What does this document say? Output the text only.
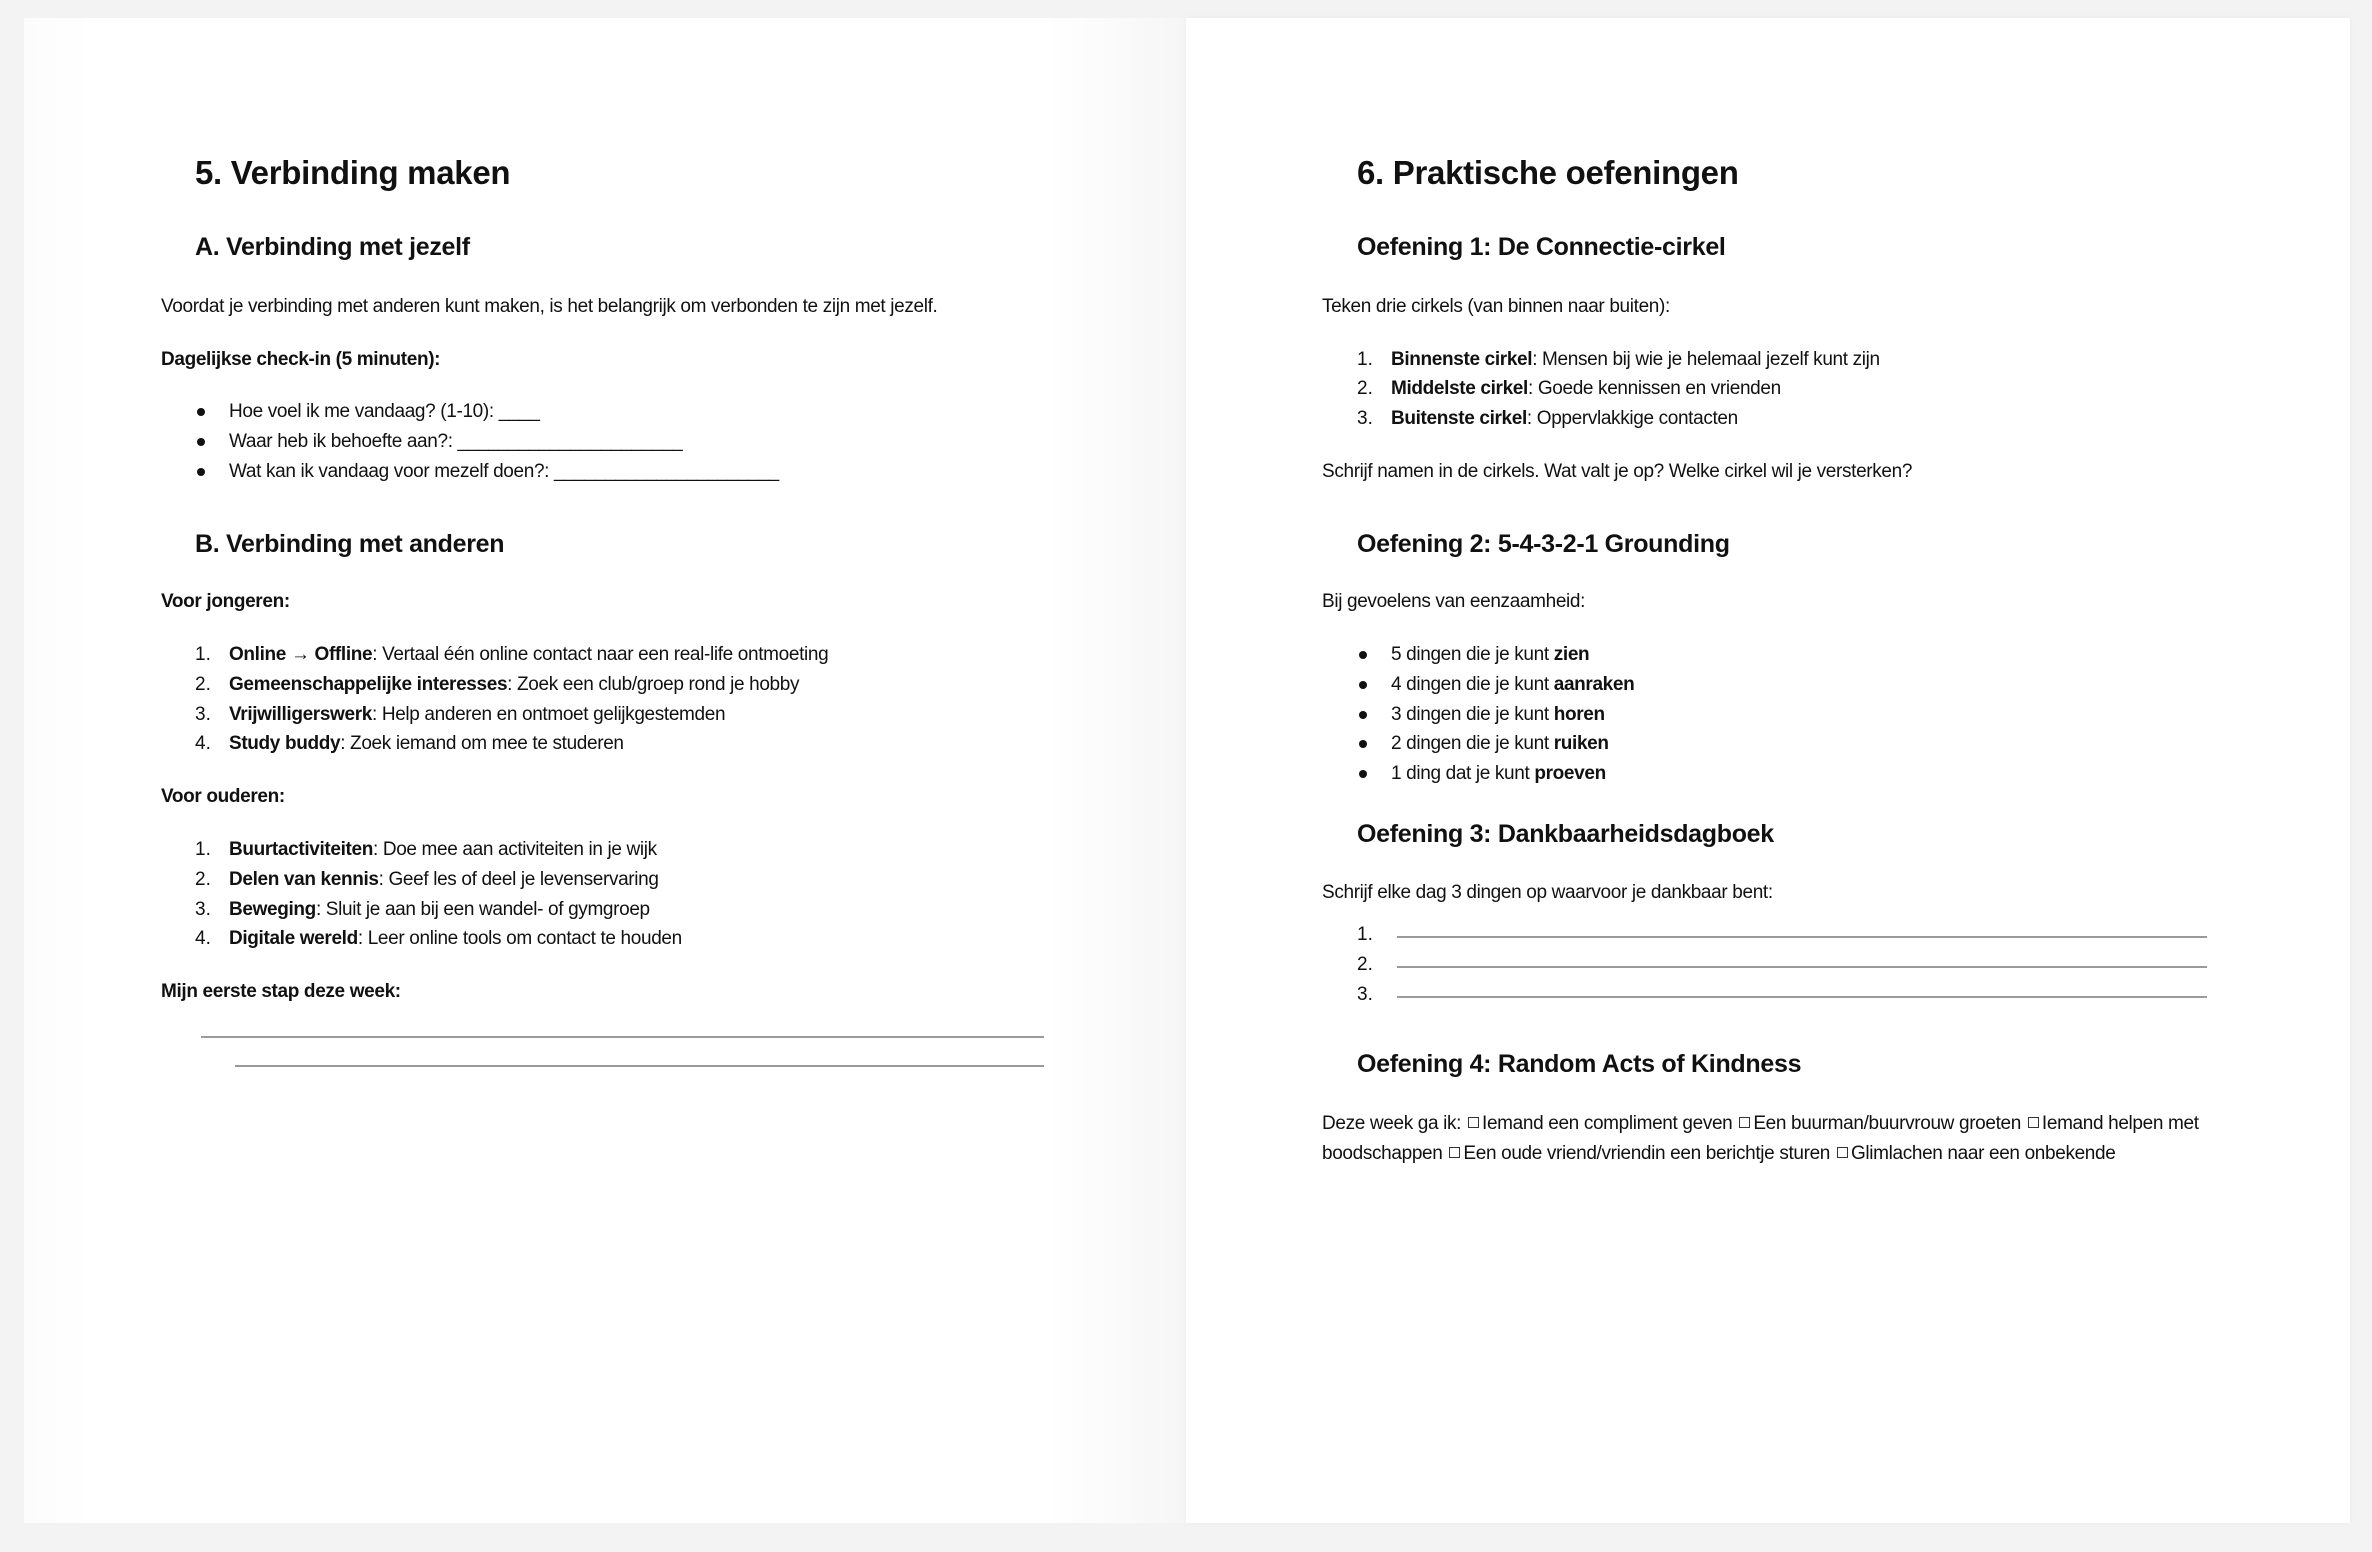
5. Verbinding maken
A. Verbinding met jezelf
Voordat je verbinding met anderen kunt maken, is het belangrijk om verbonden te zijn met jezelf.
Dagelijkse check-in (5 minuten):
Hoe voel ik me vandaag? (1-10): ____
Waar heb ik behoefte aan?: ______________________
Wat kan ik vandaag voor mezelf doen?: ______________________
B. Verbinding met anderen
Voor jongeren:
1. Online → Offline: Vertaal één online contact naar een real-life ontmoeting
2. Gemeenschappelijke interesses: Zoek een club/groep rond je hobby
3. Vrijwilligerswerk: Help anderen en ontmoet gelijkgestemden
4. Study buddy: Zoek iemand om mee te studeren
Voor ouderen:
1. Buurtactiviteiten: Doe mee aan activiteiten in je wijk
2. Delen van kennis: Geef les of deel je levenservaring
3. Beweging: Sluit je aan bij een wandel- of gymgroep
4. Digitale wereld: Leer online tools om contact te houden
Mijn eerste stap deze week:
6. Praktische oefeningen
Oefening 1: De Connectie-cirkel
Teken drie cirkels (van binnen naar buiten):
1. Binnenste cirkel: Mensen bij wie je helemaal jezelf kunt zijn
2. Middelste cirkel: Goede kennissen en vrienden
3. Buitenste cirkel: Oppervlakkige contacten
Schrijf namen in de cirkels. Wat valt je op? Welke cirkel wil je versterken?
Oefening 2: 5-4-3-2-1 Grounding
Bij gevoelens van eenzaamheid:
5 dingen die je kunt zien
4 dingen die je kunt aanraken
3 dingen die je kunt horen
2 dingen die je kunt ruiken
1 ding dat je kunt proeven
Oefening 3: Dankbaarheidsdagboek
Schrijf elke dag 3 dingen op waarvoor je dankbaar bent:
1.
2.
3.
Oefening 4: Random Acts of Kindness
Deze week ga ik: Iemand een compliment geven Een buurman/buurvrouw groeten Iemand helpen met boodschappen Een oude vriend/vriendin een berichtje sturen Glimlachen naar een onbekende
